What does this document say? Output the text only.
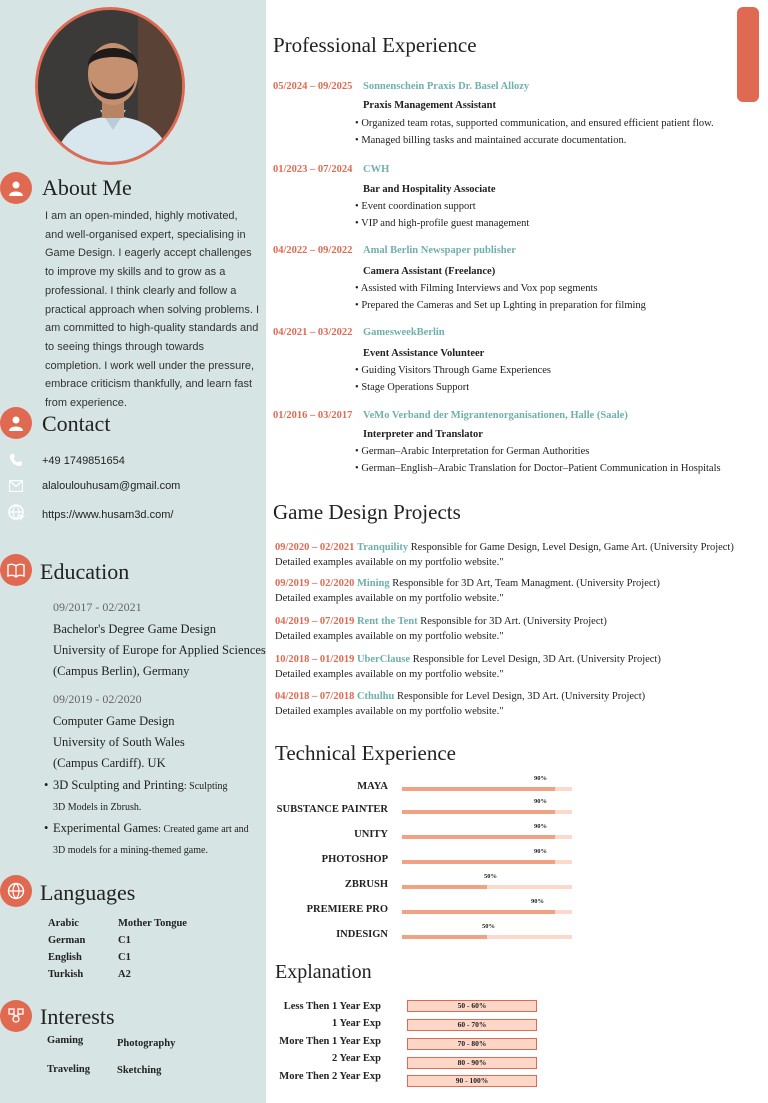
About Me
I am an open-minded, highly motivated, and well-organised expert, specialising in Game Design. I eagerly accept challenges to improve my skills and to grow as a professional. I think clearly and follow a practical approach when solving problems. I am committed to high-quality standards and to seeing things through towards completion. I work well under the pressure, embrace criticism thankfully, and learn fast from experience.
Contact
+49 1749851654
alaloulouhusam@gmail.com
https://www.husam3d.com/
Education
09/2017 - 02/2021
Bachelor's Degree Game Design
University of Europe for Applied Sciences
(Campus Berlin), Germany
09/2019 - 02/2020
Computer Game Design
University of South Wales
(Campus Cardiff). UK
• 3D Sculpting and Printing: Sculpting
3D Models in Zbrush.
• Experimental Games: Created game art and
3D models for a mining-themed game.
Languages
Arabic	Mother Tongue
German	C1
English	C1
Turkish	A2
Interests
Gaming	Photography
Traveling	Sketching
Professional Experience
05/2024 – 09/2025 Sonnenschein Praxis Dr. Basel Allozy
Praxis Management Assistant
• Organized team rotas, supported communication, and ensured efficient patient flow.
• Managed billing tasks and maintained accurate documentation.
01/2023 – 07/2024 CWH
Bar and Hospitality Associate
• Event coordination support
• VIP and high-profile guest management
04/2022 – 09/2022 Amal Berlin Newspaper publisher
Camera Assistant (Freelance)
• Assisted with Filming Interviews and Vox pop segments
• Prepared the Cameras and Set up Lghting in preparation for filming
04/2021 – 03/2022 GamesweekBerlin
Event Assistance Volunteer
• Guiding Visitors Through Game Experiences
• Stage Operations Support
01/2016 – 03/2017 VeMo Verband der Migrantenorganisationen, Halle (Saale)
Interpreter and Translator
• German–Arabic Interpretation for German Authorities
• German–English–Arabic Translation for Doctor–Patient Communication in Hospitals
Game Design Projects
09/2020 – 02/2021 Tranquility Responsible for Game Design, Level Design, Game Art. (University Project)
Detailed examples available on my portfolio website."
09/2019 – 02/2020 Mining Responsible for 3D Art, Team Managment. (University Project)
Detailed examples available on my portfolio website."
04/2019 – 07/2019 Rent the Tent Responsible for 3D Art. (University Project)
Detailed examples available on my portfolio website."
10/2018 – 01/2019 UberClause Responsible for Level Design, 3D Art. (University Project)
Detailed examples available on my portfolio website."
04/2018 – 07/2018 Cthulhu Responsible for Level Design, 3D Art. (University Project)
Detailed examples available on my portfolio website."
Technical Experience
MAYA
90%
SUBSTANCE PAINTER
90%
UNITY
90%
PHOTOSHOP
90%
ZBRUSH
50%
PREMIERE PRO
90%
INDESIGN
50%
Explanation
Less Then 1 Year Exp	50 - 60%
1 Year Exp	60 - 70%
More Then 1 Year Exp	70 - 80%
2 Year Exp	80 - 90%
More Then 2 Year Exp	90 - 100%
